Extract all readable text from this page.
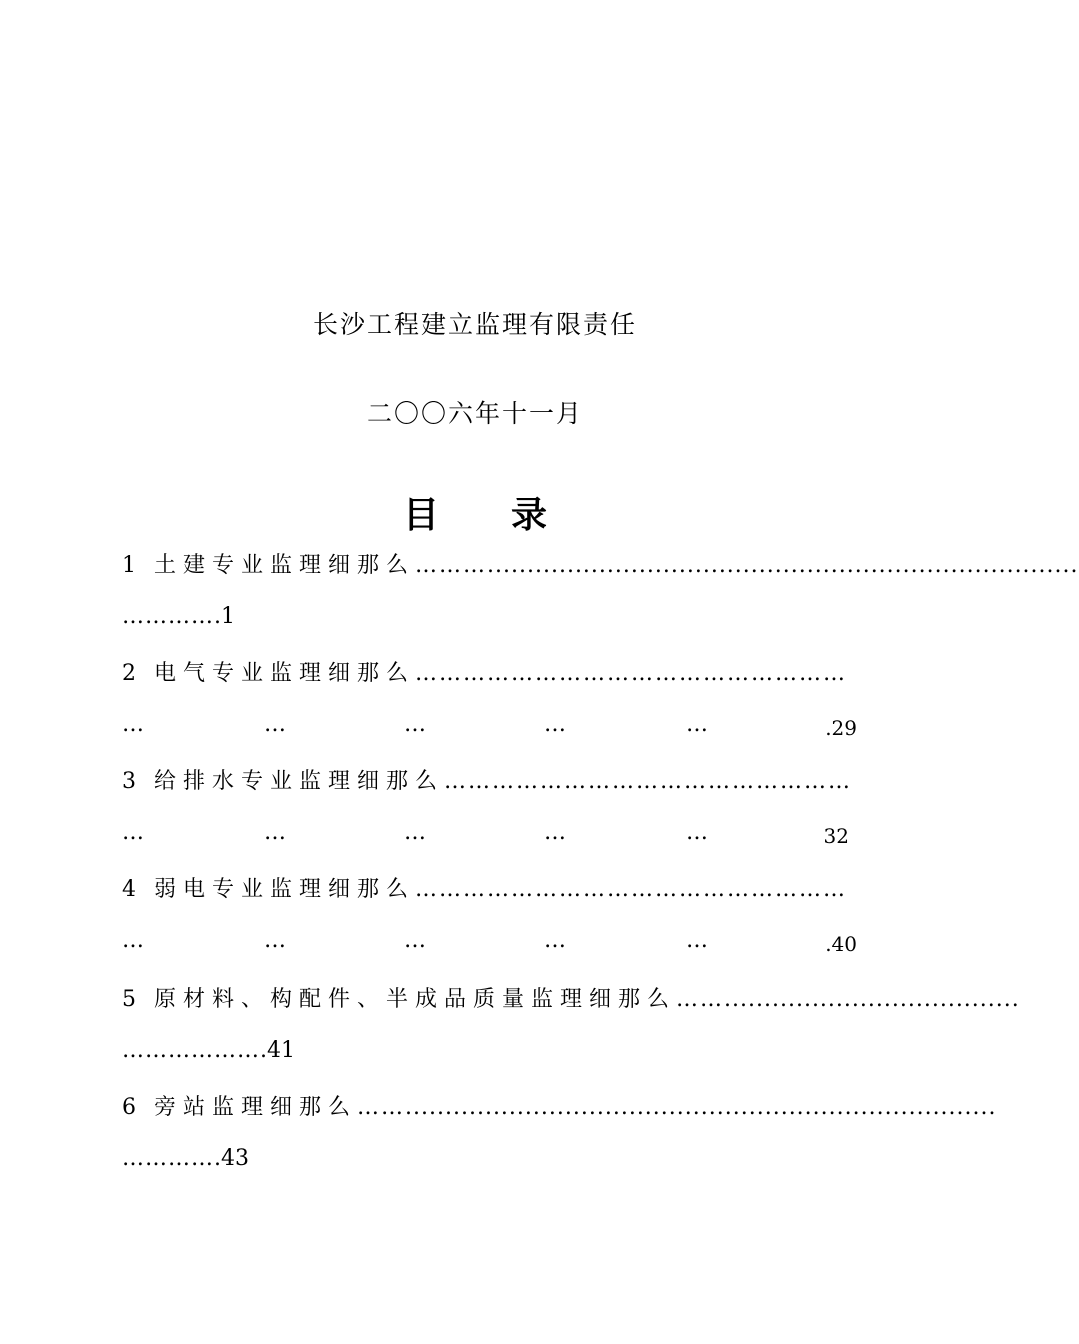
长沙工程建立监理有限责任
二〇〇六年十一月
目　　录
1 土建专业监理细那么 ……… ..........................................................................
………….1
2 电气专业监理细那么 ………………………………………………
…	…	…	…	…	.29
3 给排水专业监理细那么 ……………………………………………
…	…	…	…	…	32
4 弱电专业监理细那么 ………………………………………………
…	…	…	…	…	.40
5 原材料、构配件、半成品质量监理细那么 …… .....................................
……………….41
6 旁站监理细那么 …… ..........................................................................
………….43
